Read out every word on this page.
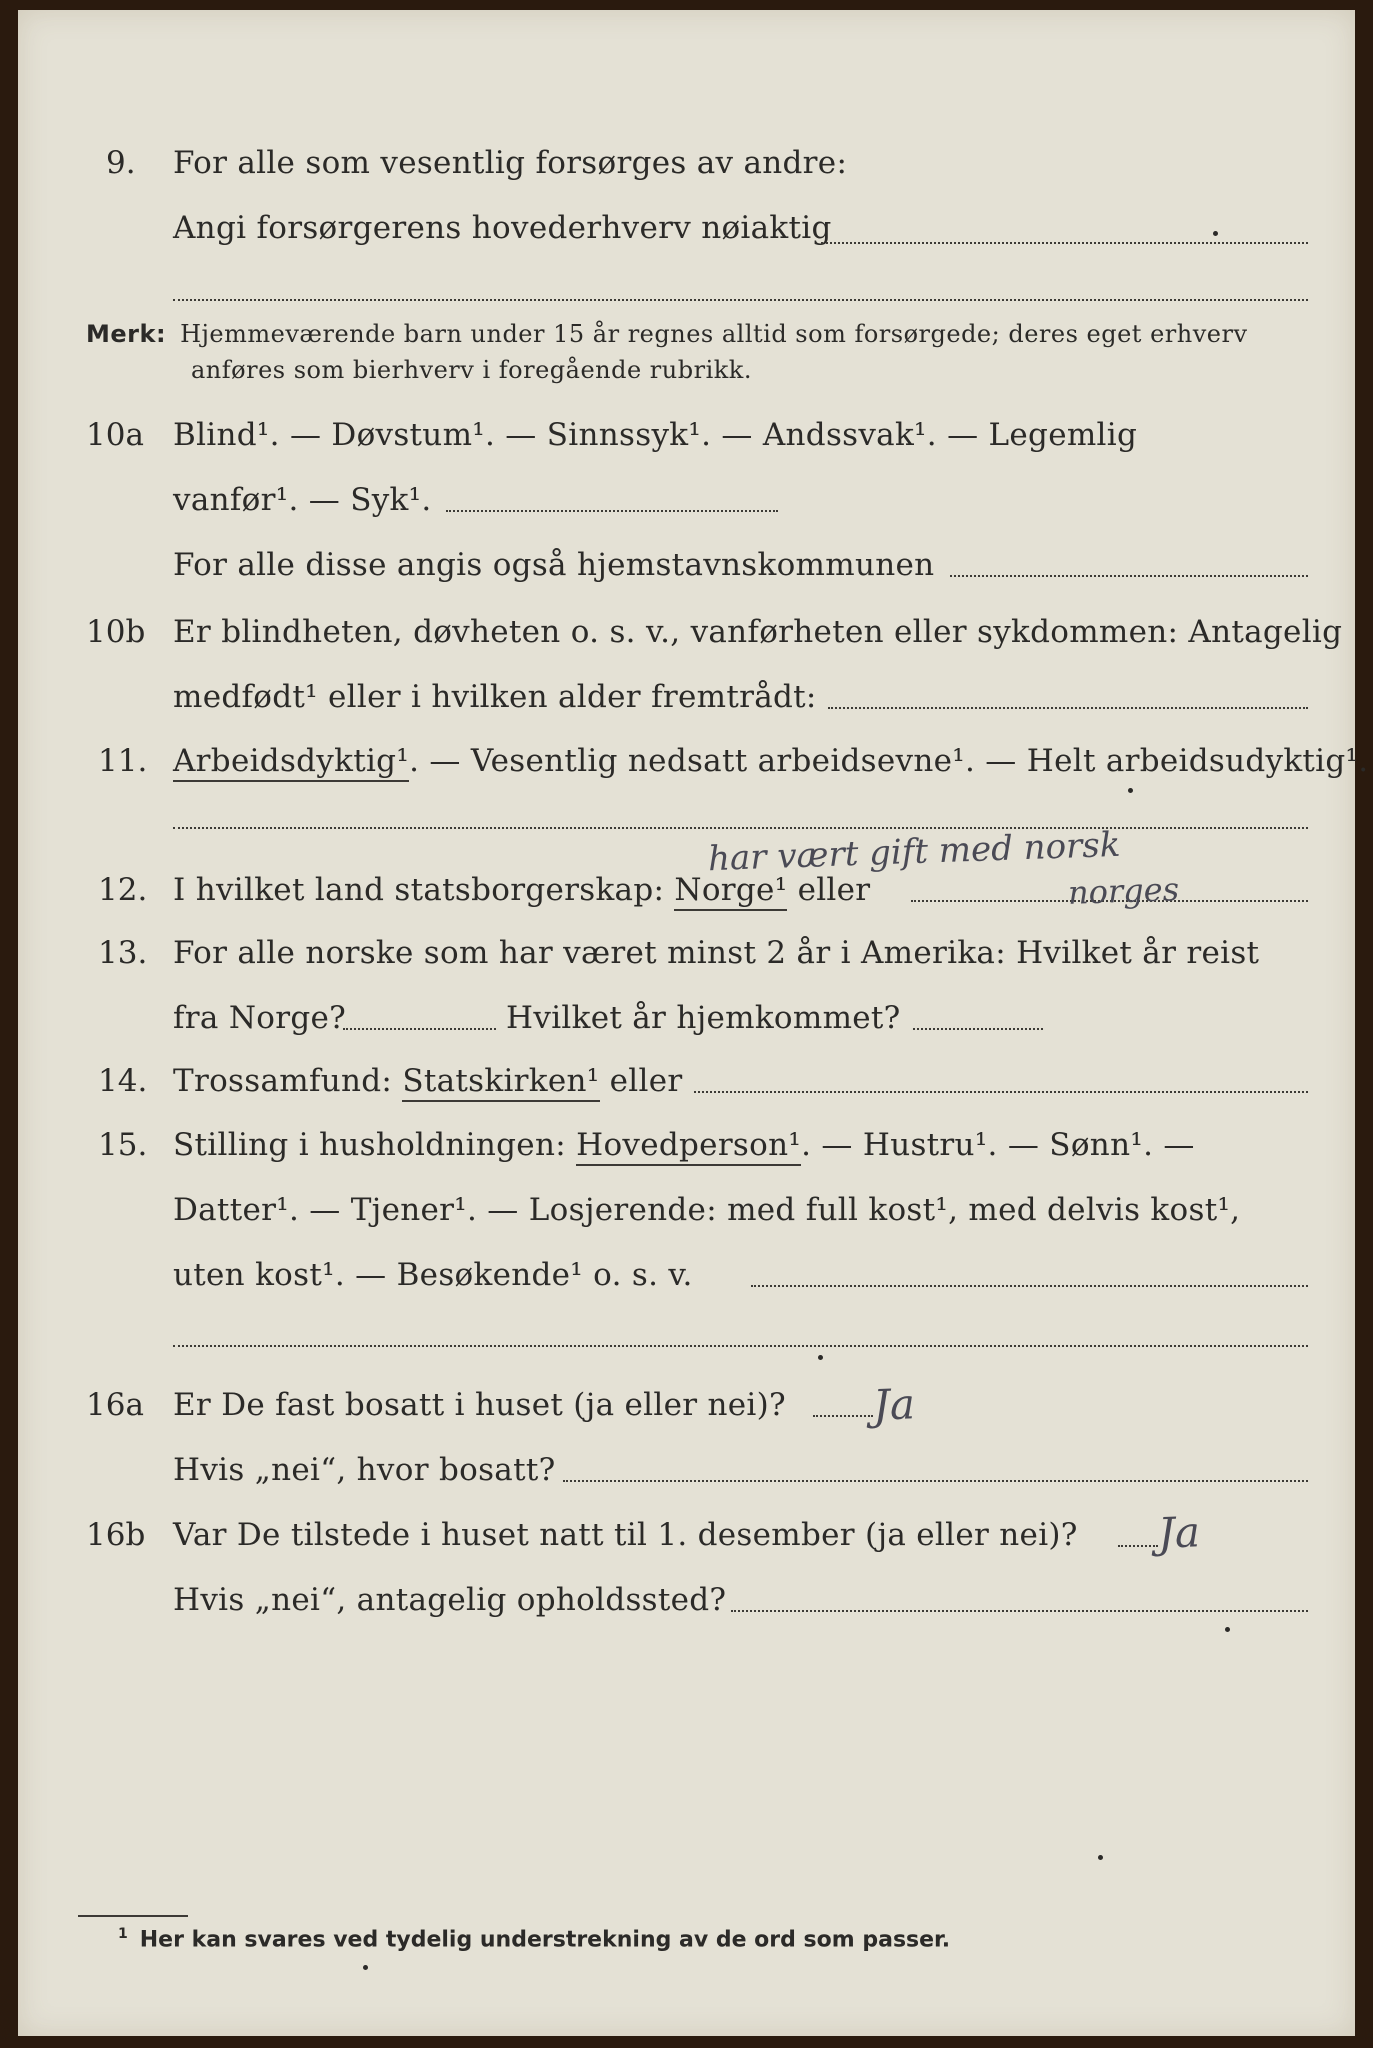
9. For alle som vesentlig forsørges av andre:
Angi forsørgerens hovederhverv nøiaktig
Merk: Hjemmeværende barn under 15 år regnes alltid som forsørgede; deres eget erhverv
anføres som bierhverv i foregående rubrikk.
10a Blind¹. — Døvstum¹. — Sinnssyk¹. — Andssvak¹. — Legemlig
vanfør¹. — Syk¹.
For alle disse angis også hjemstavnskommunen
10b Er blindheten, døvheten o. s. v., vanførheten eller sykdommen: Antagelig
medfødt¹ eller i hvilken alder fremtrådt:
11. Arbeidsdyktig¹. — Vesentlig nedsatt arbeidsevne¹. — Helt arbeidsudyktig¹.
har vært gift med norsk
12. I hvilket land statsborgerskap: Norge¹ eller	norges
13. For alle norske som har været minst 2 år i Amerika: Hvilket år reist
fra Norge?	Hvilket år hjemkommet?
14. Trossamfund: Statskirken¹ eller
15. Stilling i husholdningen: Hovedperson¹. — Hustru¹. — Sønn¹. —
Datter¹. — Tjener¹. — Losjerende: med full kost¹, med delvis kost¹,
uten kost¹. — Besøkende¹ o. s. v.
16a Er De fast bosatt i huset (ja eller nei)? Ja
Hvis „nei“, hvor bosatt?
16b Var De tilstede i huset natt til 1. desember (ja eller nei)? Ja
Hvis „nei“, antagelig opholdssted?
$^1$ Her kan svares ved tydelig understrekning av de ord som passer.
